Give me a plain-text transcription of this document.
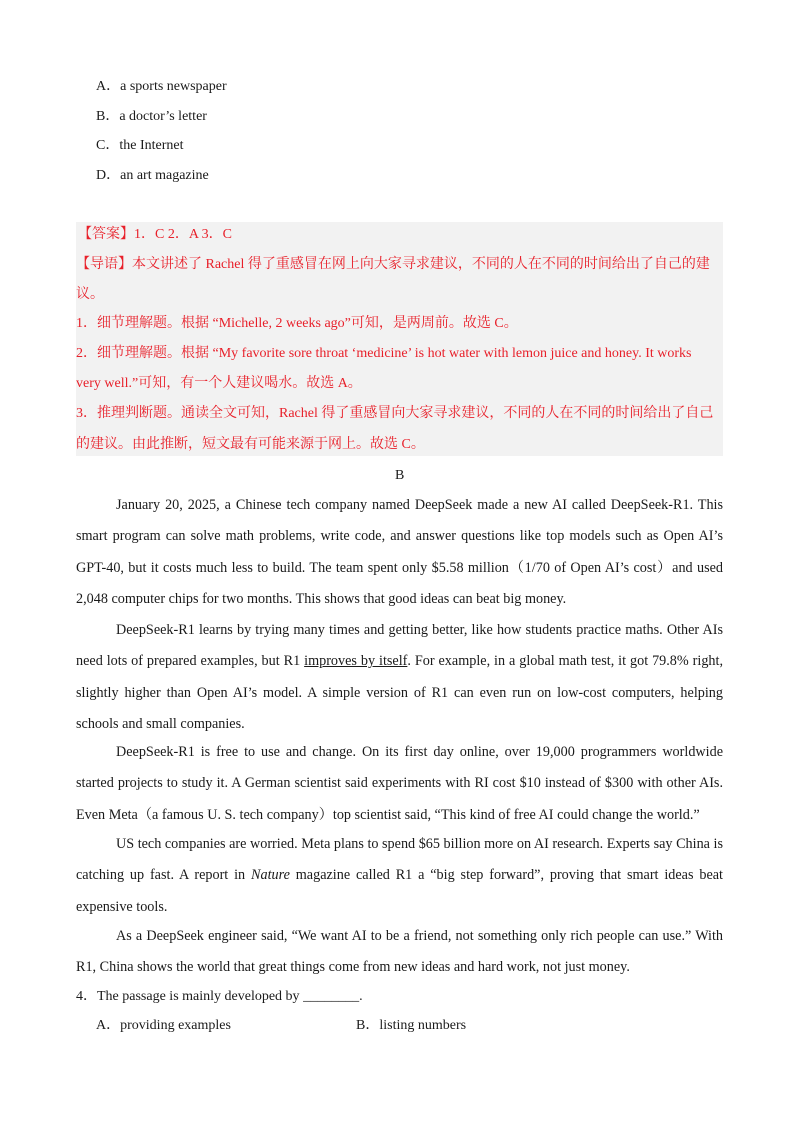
A．a sports newspaper
B．a doctor’s letter
C．the Internet
D．an art magazine
【答案】1．C 2．A 3．C
【导语】本文讲述了 Rachel 得了重感冒在网上向大家寻求建议，不同的人在不同的时间给出了自己的建
议。
1．细节理解题。根据 “Michelle, 2 weeks ago”可知，是两周前。故选 C。
2．细节理解题。根据 “My favorite sore throat ‘medicine’ is hot water with lemon juice and honey. It works
very well.”可知，有一个人建议喝水。故选 A。
3．推理判断题。通读全文可知，Rachel 得了重感冒向大家寻求建议，不同的人在不同的时间给出了自己
的建议。由此推断，短文最有可能来源于网上。故选 C。
B
January 20, 2025, a Chinese tech company named DeepSeek made a new AI called DeepSeek-R1. This smart program can solve math problems, write code, and answer questions like top models such as Open AI’s GPT-40, but it costs much less to build. The team spent only $5.58 million（1/70 of Open AI’s cost）and used 2,048 computer chips for two months. This shows that good ideas can beat big money.
DeepSeek-R1 learns by trying many times and getting better, like how students practice maths. Other AIs need lots of prepared examples, but R1 improves by itself. For example, in a global math test, it got 79.8% right, slightly higher than Open AI’s model. A simple version of R1 can even run on low-cost computers, helping schools and small companies.
DeepSeek-R1 is free to use and change. On its first day online, over 19,000 programmers worldwide started projects to study it. A German scientist said experiments with RI cost $10 instead of $300 with other AIs. Even Meta（a famous U. S. tech company）top scientist said, “This kind of free AI could change the world.”
US tech companies are worried. Meta plans to spend $65 billion more on AI research. Experts say China is catching up fast. A report in Nature magazine called R1 a “big step forward”, proving that smart ideas beat expensive tools.
As a DeepSeek engineer said, “We want AI to be a friend, not something only rich people can use.” With R1, China shows the world that great things come from new ideas and hard work, not just money.
4．The passage is mainly developed by ________.
A．providing examples	B．listing numbers
